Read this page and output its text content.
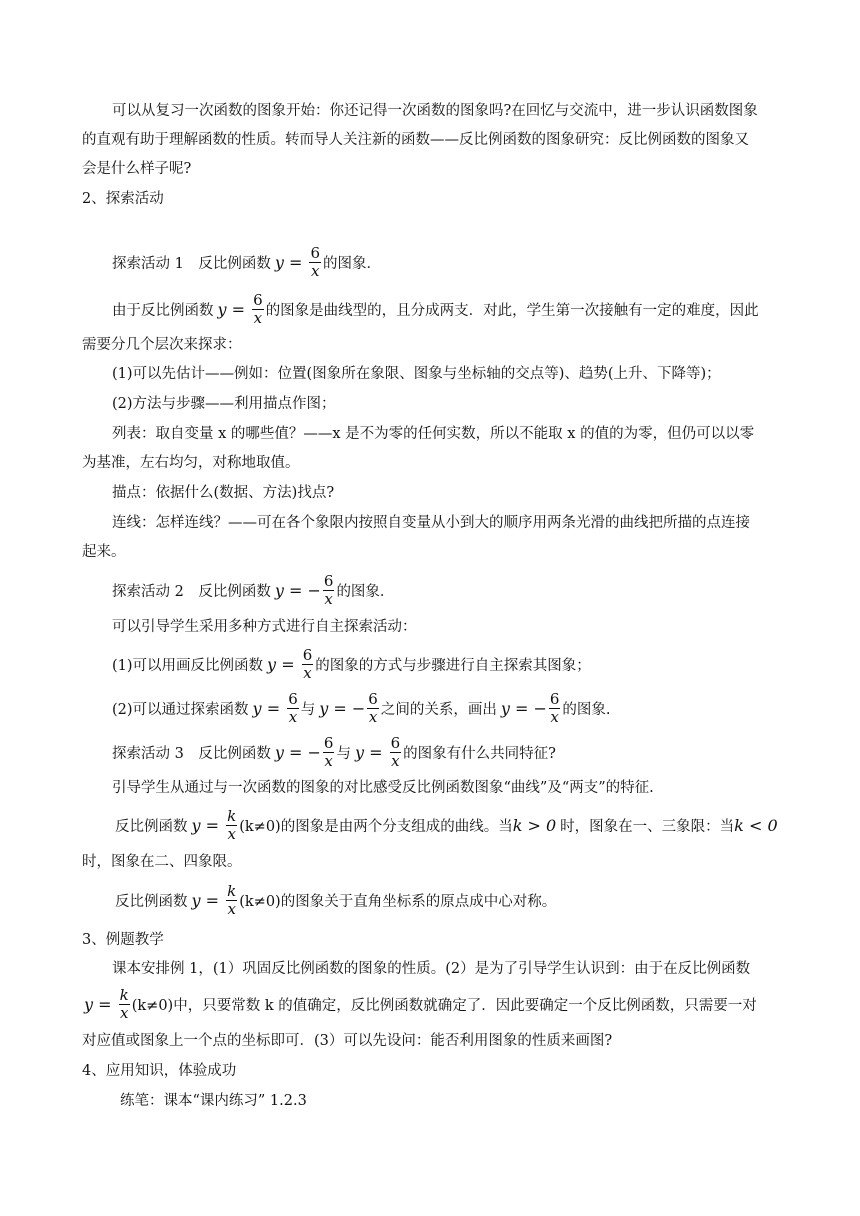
可以从复习一次函数的图象开始：你还记得一次函数的图象吗?在回忆与交流中，进一步认识函数图象
的直观有助于理解函数的性质。转而导人关注新的函数——反比例函数的图象研究：反比例函数的图象又
会是什么样子呢?
2、探索活动
探索活动 1　反比例函数 y
=
$\frac{6}{x}$ 的图象．
由于反比例函数 y
=
$\frac{6}{x}$ 的图象是曲线型的，且分成两支．对此，学生第一次接触有一定的难度，因此
需要分几个层次来探求：
(1)可以先估计——例如：位置(图象所在象限、图象与坐标轴的交点等)、趋势(上升、下降等)；
(2)方法与步骤——利用描点作图；
列表：取自变量 x 的哪些值？——x 是不为零的任何实数，所以不能取 x 的值的为零，但仍可以以零
为基准，左右均匀，对称地取值。
描点：依据什么(数据、方法)找点?
连线：怎样连线？——可在各个象限内按照自变量从小到大的顺序用两条光滑的曲线把所描的点连接
起来。
探索活动 2　反比例函数 y
=
− $\frac{6}{x}$ 的图象．
可以引导学生采用多种方式进行自主探索活动：
(1)可以用画反比例函数 y
=
$\frac{6}{x}$ 的图象的方式与步骤进行自主探索其图象；
(2)可以通过探索函数 y
=
$\frac{6}{x}$ 与 y
=
− $\frac{6}{x}$ 之间的关系，画出 y
=
− $\frac{6}{x}$ 的图象.
探索活动 3　反比例函数 y
=
− $\frac{6}{x}$ 与 y
=
$\frac{6}{x}$ 的图象有什么共同特征?
引导学生从通过与一次函数的图象的对比感受反比例函数图象“曲线”及“两支”的特征.
反比例函数 y
=
$\frac{k}{x} (k\ne 0)$的图象是由两个分支组成的曲线。当 k > 0 时，图象在一、三象限：当 k < 0
时，图象在二、四象限。
反比例函数 y
=
$\frac{k}{x} (k\ne 0)$的图象关于直角坐标系的原点成中心对称。
3、例题教学
课本安排例 1，(1）巩固反比例函数的图象的性质。(2）是为了引导学生认识到：由于在反比例函数
y
=
$\frac{k}{x} (k\ne 0)$中，只要常数 k 的值确定，反比例函数就确定了．因此要确定一个反比例函数，只需要一对
对应值或图象上一个点的坐标即可．(3）可以先设问：能否利用图象的性质来画图?
4、应用知识，体验成功
练笔：课本“课内练习” 1.2.3
